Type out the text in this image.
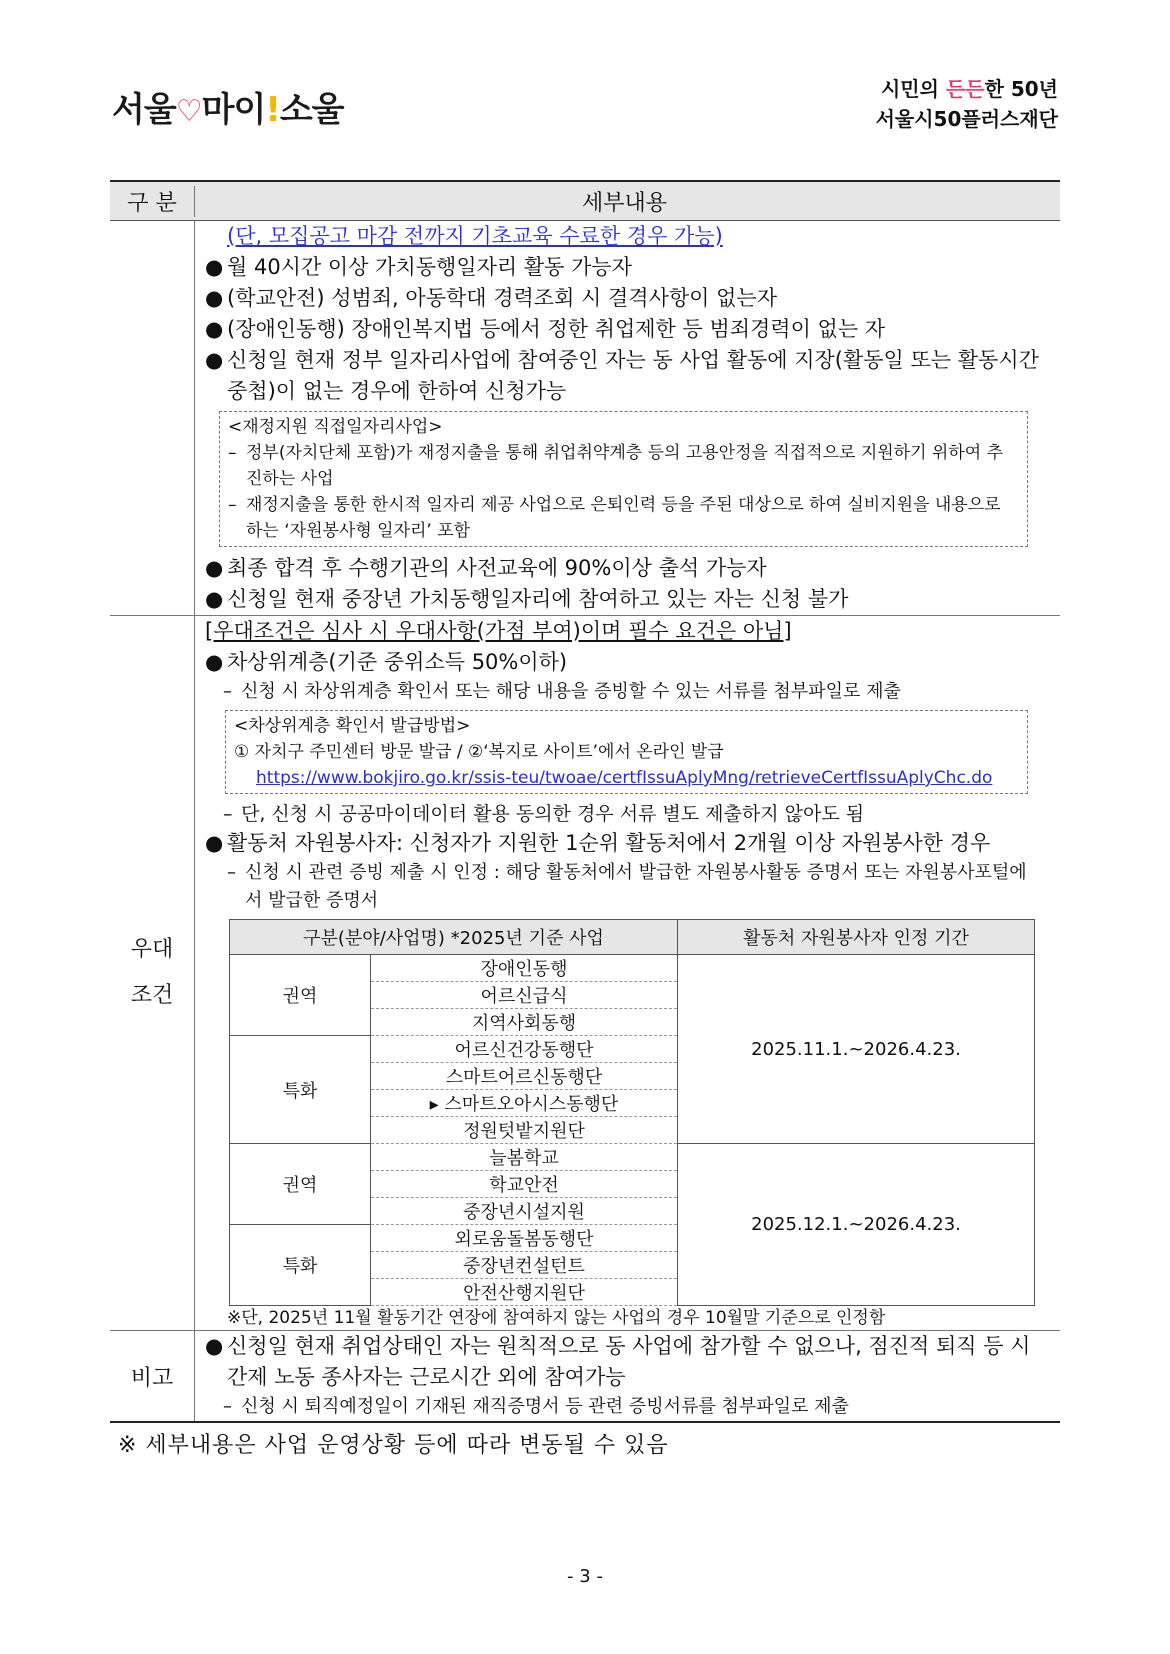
서울♡마이!소울
시민의 든든한 50년
서울시50플러스재단
구 분	세부내용
(단, 모집공고 마감 전까지 기초교육 수료한 경우 가능)
● 월 40시간 이상 가치동행일자리 활동 가능자
● (학교안전) 성범죄, 아동학대 경력조회 시 결격사항이 없는자
● (장애인동행) 장애인복지법 등에서 정한 취업제한 등 범죄경력이 없는 자
● 신청일 현재 정부 일자리사업에 참여중인 자는 동 사업 활동에 지장(활동일 또는 활동시간 중첩)이 없는 경우에 한하여 신청가능
<재정지원 직접일자리사업>
– 정부(자치단체 포함)가 재정지출을 통해 취업취약계층 등의 고용안정을 직접적으로 지원하기 위하여 추진하는 사업
– 재정지출을 통한 한시적 일자리 제공 사업으로 은퇴인력 등을 주된 대상으로 하여 실비지원을 내용으로 하는 ‘자원봉사형 일자리’ 포함
● 최종 합격 후 수행기관의 사전교육에 90%이상 출석 가능자
● 신청일 현재 중장년 가치동행일자리에 참여하고 있는 자는 신청 불가
우대
조건
[우대조건은 심사 시 우대사항(가점 부여)이며 필수 요건은 아님]
● 차상위계층(기준 중위소득 50%이하)
– 신청 시 차상위계층 확인서 또는 해당 내용을 증빙할 수 있는 서류를 첨부파일로 제출
<차상위계층 확인서 발급방법>
① 자치구 주민센터 방문 발급 / ②‘복지로 사이트’에서 온라인 발급
https://www.bokjiro.go.kr/ssis-teu/twoae/certfIssuAplyMng/retrieveCertfIssuAplyChc.do
– 단, 신청 시 공공마이데이터 활용 동의한 경우 서류 별도 제출하지 않아도 됨
● 활동처 자원봉사자: 신청자가 지원한 1순위 활동처에서 2개월 이상 자원봉사한 경우
– 신청 시 관련 증빙 제출 시 인정 : 해당 활동처에서 발급한 자원봉사활동 증명서 또는 자원봉사포털에서 발급한 증명서
구분(분야/사업명) *2025년 기준 사업		활동처 자원봉사자 인정 기간
권역	장애인동행	2025.11.1.~2026.4.23.
	어르신급식	
	지역사회동행	
특화	어르신건강동행단	
	스마트어르신동행단	
	▸ 스마트오아시스동행단	
	정원텃밭지원단	
권역	늘봄학교	2025.12.1.~2026.4.23.
	학교안전	
	중장년시설지원	
특화	외로움돌봄동행단	
	중장년컨설턴트	
	안전산행지원단	
※단, 2025년 11월 활동기간 연장에 참여하지 않는 사업의 경우 10월말 기준으로 인정함
비고
● 신청일 현재 취업상태인 자는 원칙적으로 동 사업에 참가할 수 없으나, 점진적 퇴직 등 시간제 노동 종사자는 근로시간 외에 참여가능
– 신청 시 퇴직예정일이 기재된 재직증명서 등 관련 증빙서류를 첨부파일로 제출
※ 세부내용은 사업 운영상황 등에 따라 변동될 수 있음
- 3 -
